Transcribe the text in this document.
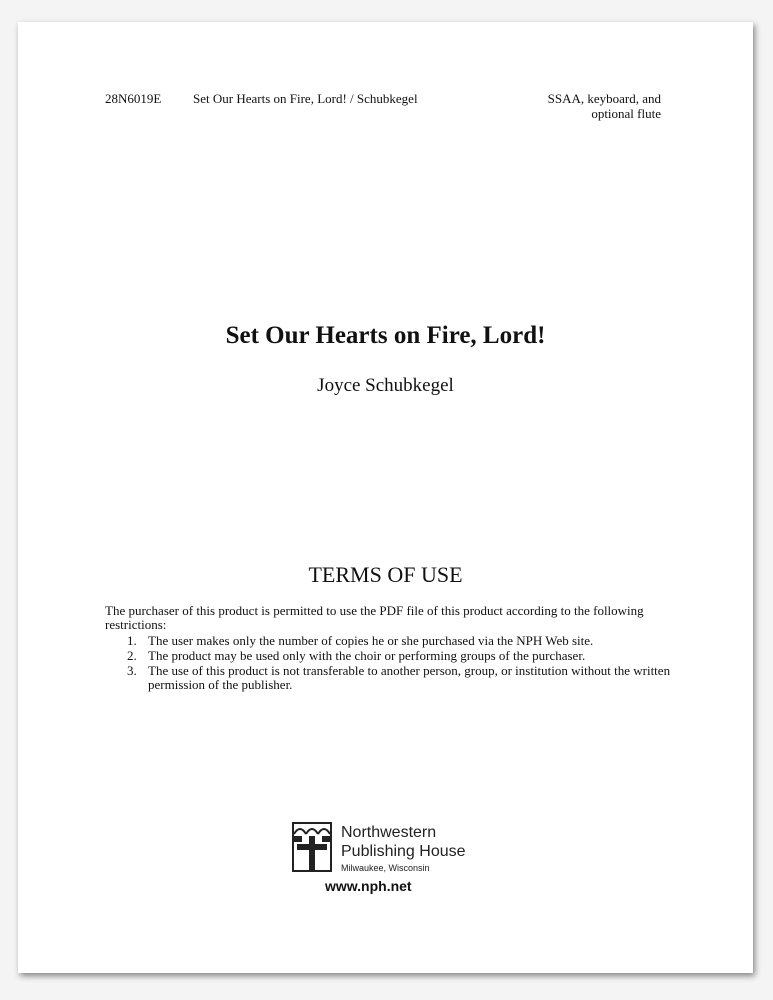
28N6019E Set Our Hearts on Fire, Lord! / Schubkegel	SSAA, keyboard, and
optional flute
Set Our Hearts on Fire, Lord!
Joyce Schubkegel
TERMS OF USE
The purchaser of this product is permitted to use the PDF file of this product according to the following restrictions:
1. The user makes only the number of copies he or she purchased via the NPH Web site.
2. The product may be used only with the choir or performing groups of the purchaser.
3. The use of this product is not transferable to another person, group, or institution without the written permission of the publisher.
Northwestern
Publishing House
Milwaukee, Wisconsin
www.nph.net
